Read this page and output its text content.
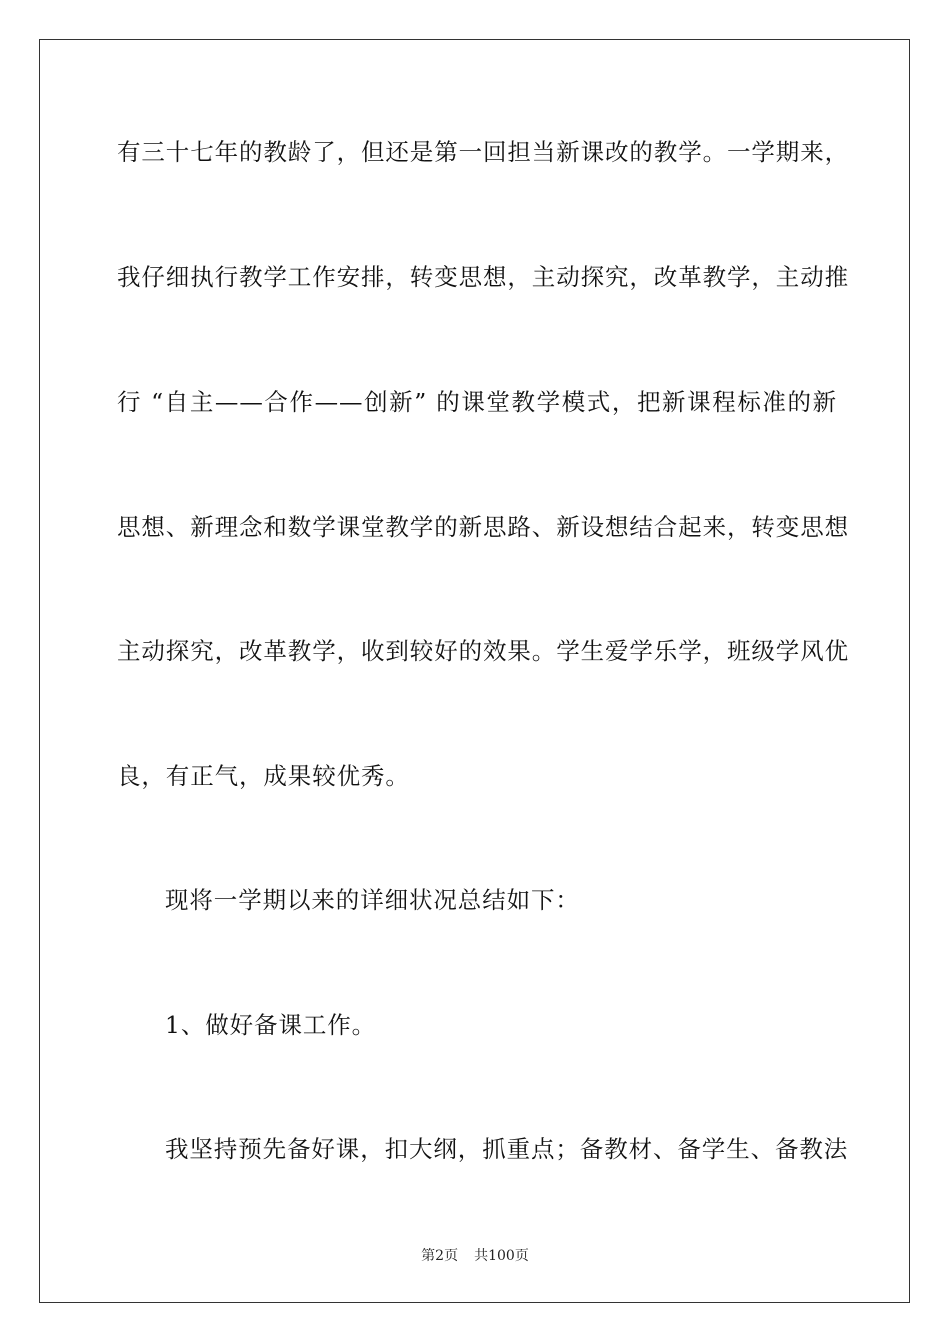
有三十七年的教龄了，但还是第一回担当新课改的教学。一学期来，
我仔细执行教学工作安排，转变思想，主动探究，改革教学，主动推
行 “自主——合作——创新” 的课堂教学模式，把新课程标准的新
思想、新理念和数学课堂教学的新思路、新设想结合起来，转变思想
主动探究，改革教学，收到较好的效果。学生爱学乐学，班级学风优
良，有正气，成果较优秀。
现将一学期以来的详细状况总结如下：
1、做好备课工作。
我坚持预先备好课，扣大纲，抓重点；备教材、备学生、备教法
第2页 共100页
